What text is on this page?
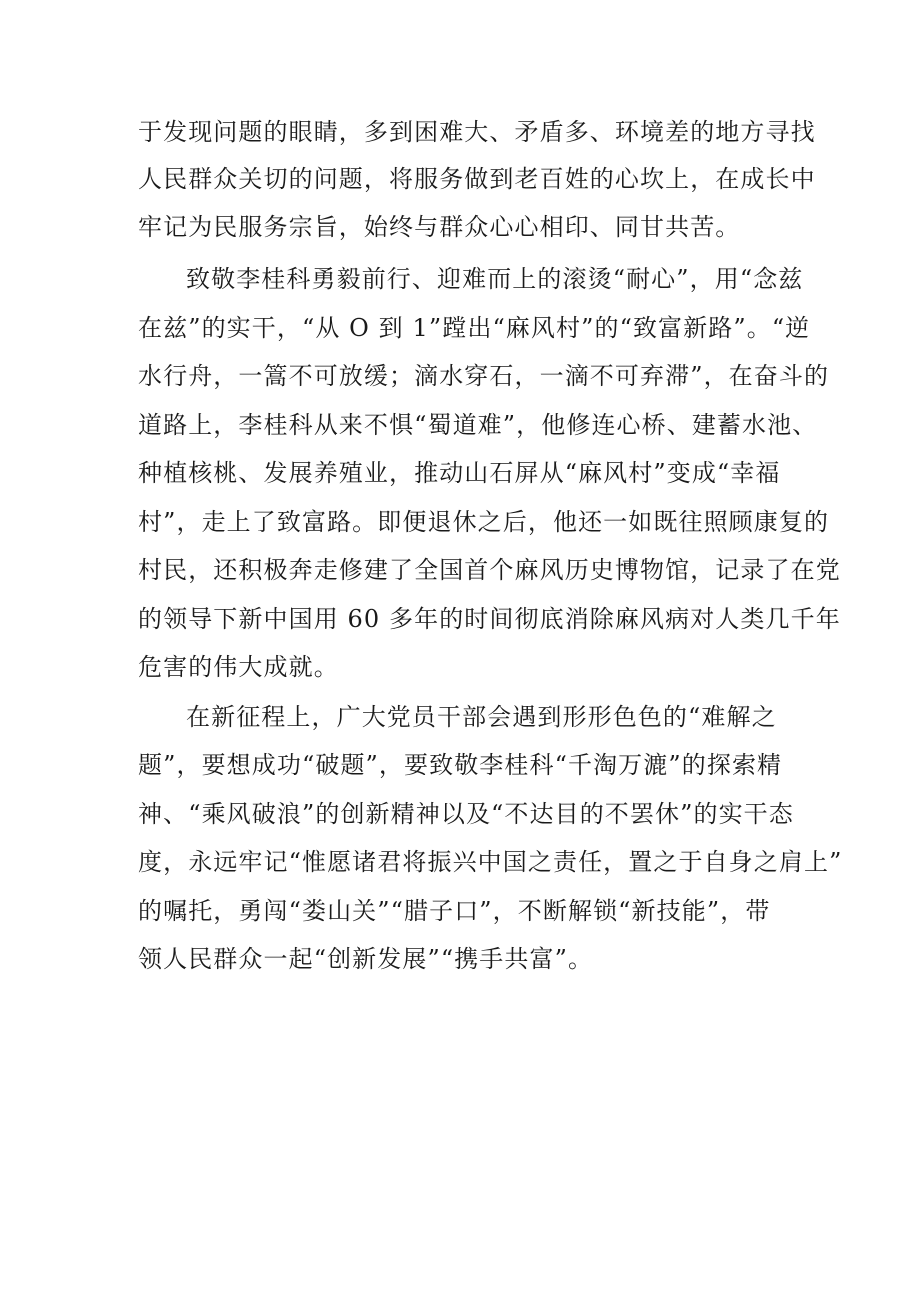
于发现问题的眼睛，多到困难大、矛盾多、环境差的地方寻找
人民群众关切的问题，将服务做到老百姓的心坎上，在成长中
牢记为民服务宗旨，始终与群众心心相印、同甘共苦。
致敬李桂科勇毅前行、迎难而上的滚烫“耐心”，用“念兹
在兹”的实干，“从 O 到 1”蹚出“麻风村”的“致富新路”。“逆
水行舟，一篙不可放缓；滴水穿石，一滴不可弃滞”，在奋斗的
道路上，李桂科从来不惧“蜀道难”，他修连心桥、建蓄水池、
种植核桃、发展养殖业，推动山石屏从“麻风村”变成“幸福
村”，走上了致富路。即便退休之后，他还一如既往照顾康复的
村民，还积极奔走修建了全国首个麻风历史博物馆，记录了在党
的领导下新中国用 60 多年的时间彻底消除麻风病对人类几千年
危害的伟大成就。
在新征程上，广大党员干部会遇到形形色色的“难解之
题”，要想成功“破题”，要致敬李桂科“千淘万漉”的探索精
神、“乘风破浪”的创新精神以及“不达目的不罢休”的实干态
度，永远牢记“惟愿诸君将振兴中国之责任，置之于自身之肩上”
的嘱托，勇闯“娄山关”“腊子口”，不断解锁“新技能”，带
领人民群众一起“创新发展”“携手共富”。
